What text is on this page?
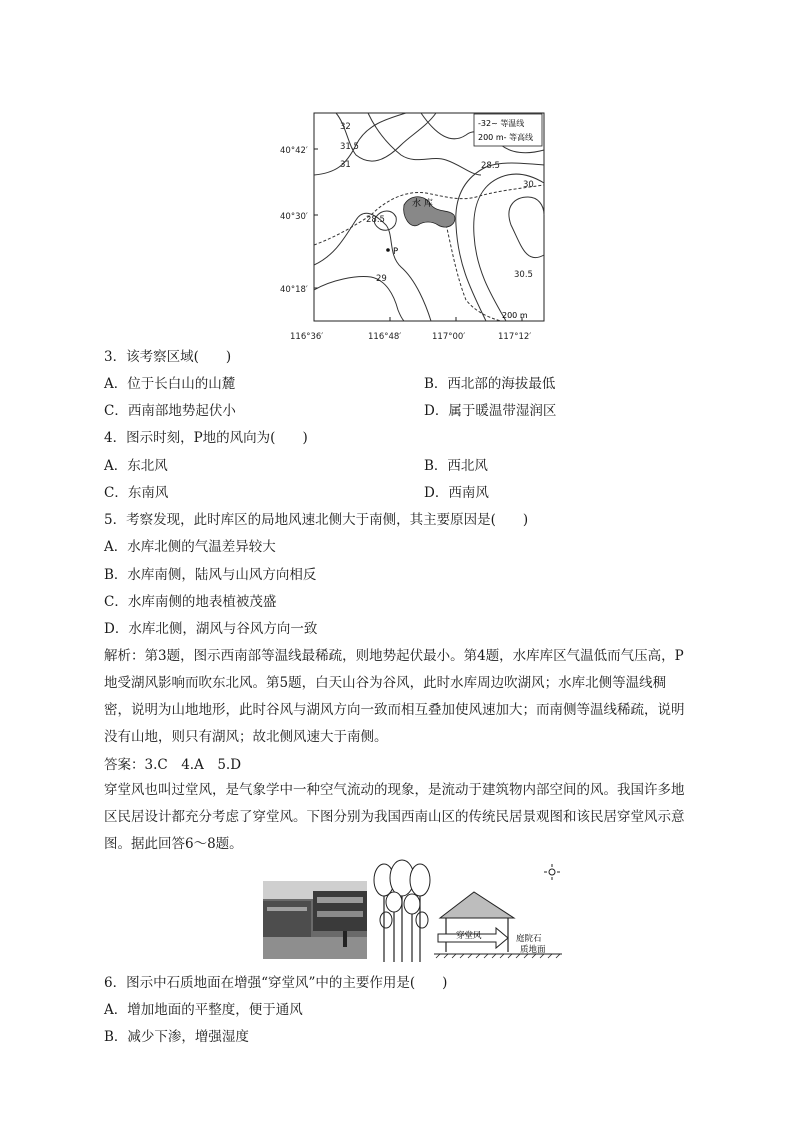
-32~ 等温线
200 m- 等高线
32
31.5
31	28.5
30
28.5
29	30.5
水 库
P
200 m
40°42′
40°30′
40°18′
116°36′	116°48′	117°00′	117°12′
3．该考察区域(　　)
A．位于长白山的山麓	B．西北部的海拔最低
C．西南部地势起伏小	D．属于暖温带湿润区
4．图示时刻，P地的风向为(　　)
A．东北风	B．西北风
C．东南风	D．西南风
5．考察发现，此时库区的局地风速北侧大于南侧，其主要原因是(　　)
A．水库北侧的气温差异较大
B．水库南侧，陆风与山风方向相反
C．水库南侧的地表植被茂盛
D．水库北侧，湖风与谷风方向一致
解析：第3题，图示西南部等温线最稀疏，则地势起伏最小。第4题，水库库区气温低而气压高，P地受湖风影响而吹东北风。第5题，白天山谷为谷风，此时水库周边吹湖风；水库北侧等温线稠密，说明为山地地形，此时谷风与湖风方向一致而相互叠加使风速加大；而南侧等温线稀疏，说明没有山地，则只有湖风；故北侧风速大于南侧。
答案：3.C　4.A　5.D
穿堂风也叫过堂风，是气象学中一种空气流动的现象，是流动于建筑物内部空间的风。我国许多地区民居设计都充分考虑了穿堂风。下图分别为我国西南山区的传统民居景观图和该民居穿堂风示意图。据此回答6～8题。
穿堂风	庭院石
质地面
6．图示中石质地面在增强“穿堂风”中的主要作用是(　　)
A．增加地面的平整度，便于通风
B．减少下渗，增强湿度
